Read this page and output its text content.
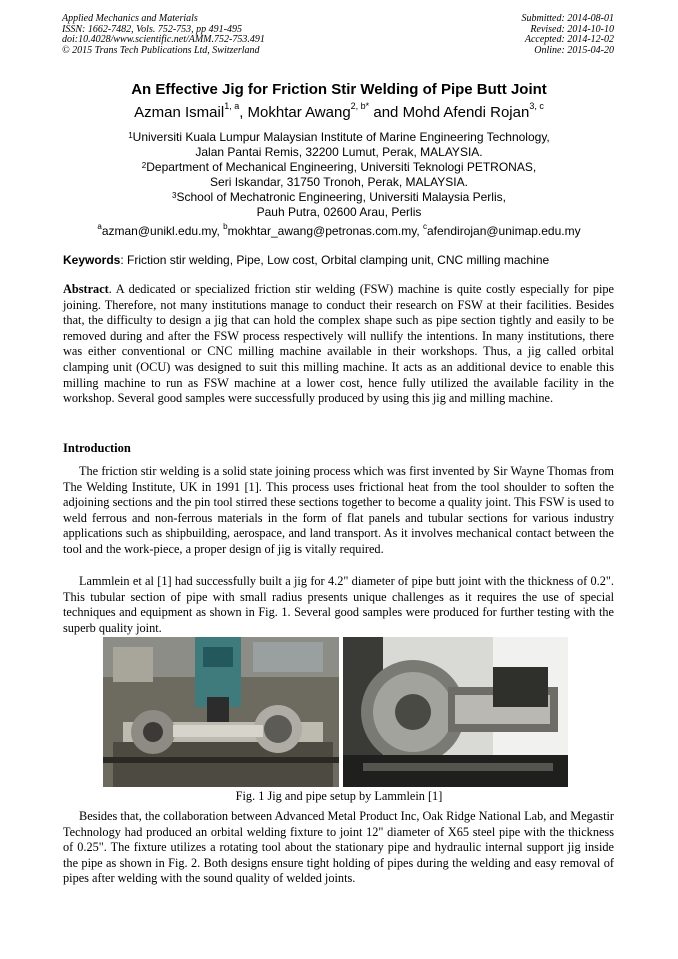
Applied Mechanics and Materials
ISSN: 1662-7482, Vols. 752-753, pp 491-495
doi:10.4028/www.scientific.net/AMM.752-753.491
© 2015 Trans Tech Publications Ltd, Switzerland
Submitted: 2014-08-01
Revised: 2014-10-10
Accepted: 2014-12-02
Online: 2015-04-20
An Effective Jig for Friction Stir Welding of Pipe Butt Joint
Azman Ismail$^{1, a}$, Mokhtar Awang$^{2, b*}$ and Mohd Afendi Rojan$^{3, c}$
$^1$Universiti Kuala Lumpur Malaysian Institute of Marine Engineering Technology,
Jalan Pantai Remis, 32200 Lumut, Perak, MALAYSIA.
$^2$Department of Mechanical Engineering, Universiti Teknologi PETRONAS,
Seri Iskandar, 31750 Tronoh, Perak, MALAYSIA.
$^3$School of Mechatronic Engineering, Universiti Malaysia Perlis,
Pauh Putra, 02600 Arau, Perlis
$^a$azman@unikl.edu.my, $^b$mokhtar_awang@petronas.com.my, $^c$afendirojan@unimap.edu.my
Keywords: Friction stir welding, Pipe, Low cost, Orbital clamping unit, CNC milling machine
Abstract. A dedicated or specialized friction stir welding (FSW) machine is quite costly especially for pipe joining. Therefore, not many institutions manage to conduct their research on FSW at their facilities. Besides that, the difficulty to design a jig that can hold the complex shape such as pipe section tightly and easily to be removed during and after the FSW process respectively will nullify the intentions. In many institutions, there was either conventional or CNC milling machine available in their workshops. Thus, a jig called orbital clamping unit (OCU) was designed to suit this milling machine. It acts as an additional device to enable this milling machine to run as FSW machine at a lower cost, hence fully utilized the available facility in the workshop. Several good samples were successfully produced by using this jig and milling machine.
Introduction
The friction stir welding is a solid state joining process which was first invented by Sir Wayne Thomas from The Welding Institute, UK in 1991 [1]. This process uses frictional heat from the tool shoulder to soften the adjoining sections and the pin tool stirred these sections together to become a quality joint. This FSW is used to weld ferrous and non-ferrous materials in the form of flat panels and tubular sections for various industry applications such as shipbuilding, aerospace, and land transport. As it involves mechanical contact between the tool and the work-piece, a proper design of jig is vitally required.
Lammlein et al [1] had successfully built a jig for 4.2" diameter of pipe butt joint with the thickness of 0.2". This tubular section of pipe with small radius presents unique challenges as it requires the use of special techniques and equipment as shown in Fig. 1. Several good samples were produced for further testing with the superb quality joint.
Fig. 1 Jig and pipe setup by Lammlein [1]
Besides that, the collaboration between Advanced Metal Product Inc, Oak Ridge National Lab, and Megastir Technology had produced an orbital welding fixture to joint 12" diameter of X65 steel pipe with the thickness of 0.25". The fixture utilizes a rotating tool about the stationary pipe and hydraulic internal support jig inside the pipe as shown in Fig. 2. Both designs ensure tight holding of pipes during the welding and easy removal of pipes after welding with the sound quality of welded joints.
